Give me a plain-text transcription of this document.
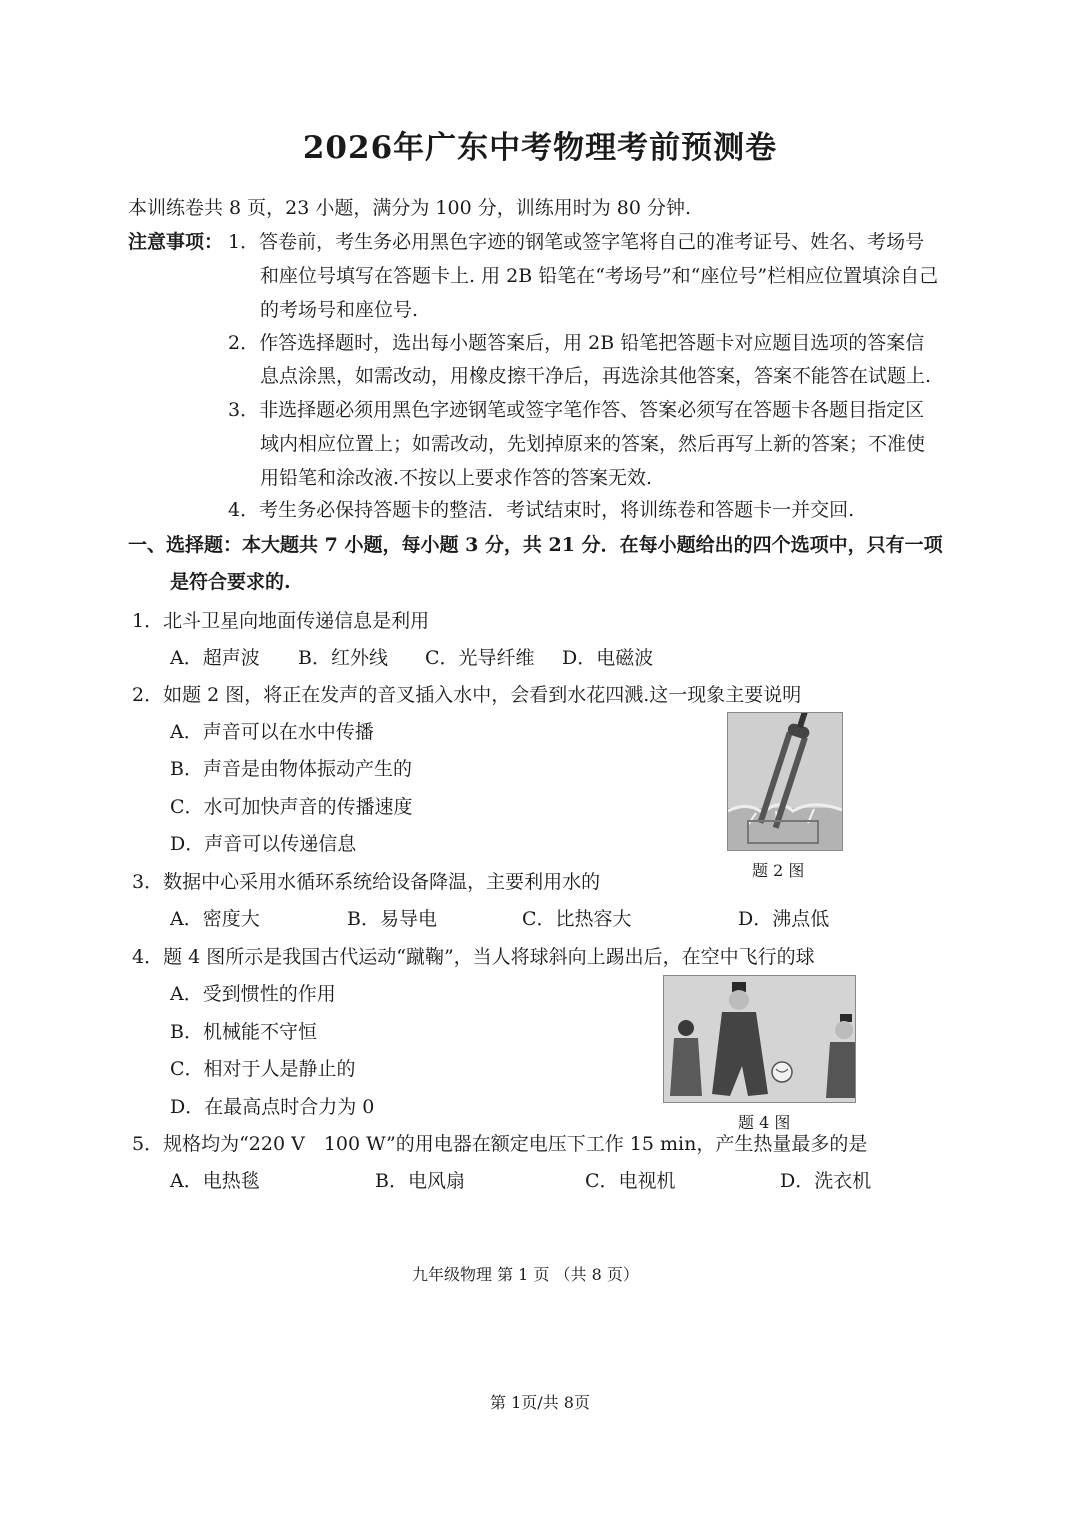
2026年广东中考物理考前预测卷
本训练卷共 8 页，23 小题，满分为 100 分，训练用时为 80 分钟.
注意事项： 1．答卷前，考生务必用黑色字迹的钢笔或签字笔将自己的准考证号、姓名、考场号
和座位号填写在答题卡上. 用 2B 铅笔在“考场号”和“座位号”栏相应位置填涂自己
的考场号和座位号.
2．作答选择题时，选出每小题答案后，用 2B 铅笔把答题卡对应题目选项的答案信
息点涂黑，如需改动，用橡皮擦干净后，再选涂其他答案，答案不能答在试题上.
3．非选择题必须用黑色字迹钢笔或签字笔作答、答案必须写在答题卡各题目指定区
域内相应位置上；如需改动，先划掉原来的答案，然后再写上新的答案；不准使
用铅笔和涂改液.不按以上要求作答的答案无效.
4．考生务必保持答题卡的整洁．考试结束时，将训练卷和答题卡一并交回.
一、选择题：本大题共 7 小题，每小题 3 分，共 21 分．在每小题给出的四个选项中，只有一项
是符合要求的.
1．北斗卫星向地面传递信息是利用
A．超声波 B．红外线 C．光导纤维 D．电磁波
2．如题 2 图，将正在发声的音叉插入水中，会看到水花四溅.这一现象主要说明
A．声音可以在水中传播
B．声音是由物体振动产生的
C．水可加快声音的传播速度
D．声音可以传递信息
题 2 图
3．数据中心采用水循环系统给设备降温，主要利用水的
A．密度大	B．易导电	C．比热容大	D．沸点低
4．题 4 图所示是我国古代运动“蹴鞠”，当人将球斜向上踢出后，在空中飞行的球
A．受到惯性的作用
B．机械能不守恒
C．相对于人是静止的
D．在最高点时合力为 0
题 4 图
5．规格均为“220 V　100 W”的用电器在额定电压下工作 15 min，产生热量最多的是
A．电热毯	B．电风扇	C．电视机	D．洗衣机
九年级物理 第 1 页 （共 8 页）
第 1页/共 8页
